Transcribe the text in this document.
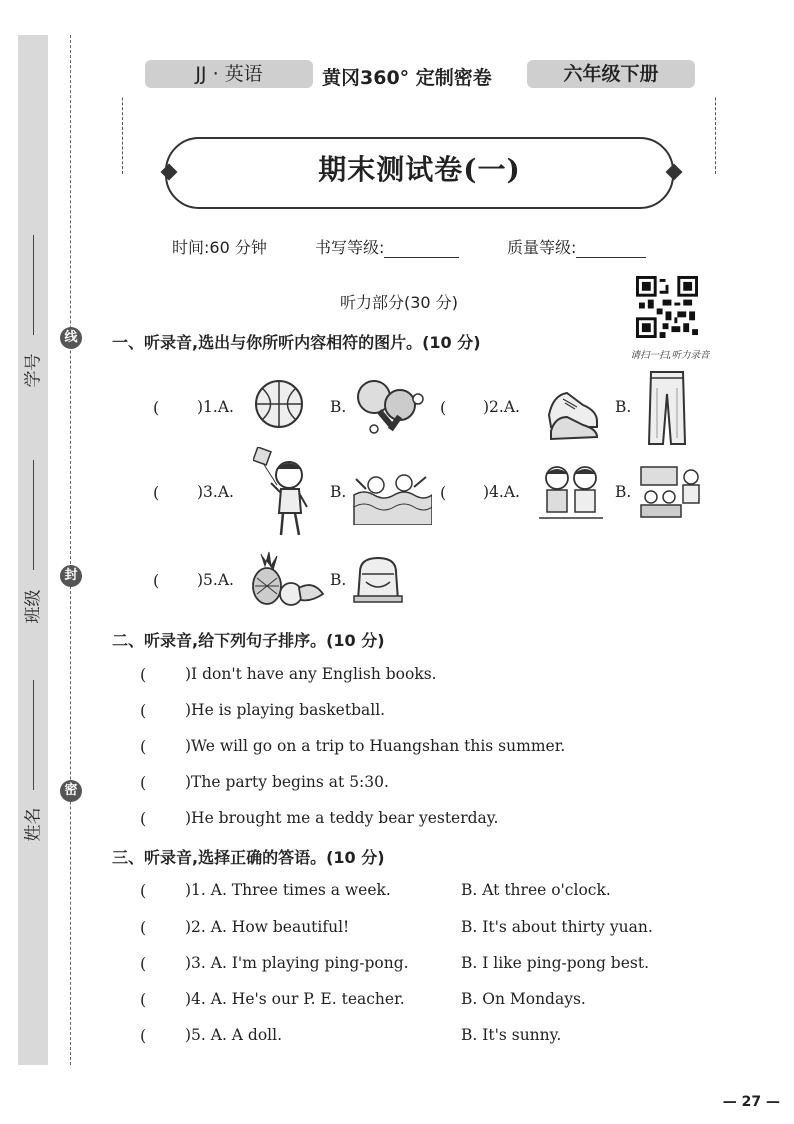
线
封
密
学号
班级
姓名
JJ · 英语	黄冈360° 定制密卷	六年级下册
期末测试卷(一)
时间:60 分钟	书写等级:	质量等级:
听力部分(30 分)
请扫一扫,听力录音
一、听录音,选出与你所听内容相符的图片。(10 分)
( )1.A.	B.	( )2.A.	B.
( )3.A.	B.	( )4.A.	B.
( )5.A.	B.
二、听录音,给下列句子排序。(10 分)
(	)I don't have any English books.
(	)He is playing basketball.
(	)We will go on a trip to Huangshan this summer.
(	)The party begins at 5:30.
(	)He brought me a teddy bear yesterday.
三、听录音,选择正确的答语。(10 分)
(	)1. A. Three times a week.	B. At three o'clock.
(	)2. A. How beautiful!	B. It's about thirty yuan.
(	)3. A. I'm playing ping-pong.	B. I like ping-pong best.
(	)4. A. He's our P. E. teacher.	B. On Mondays.
(	)5. A. A doll.	B. It's sunny.
— 27 —
